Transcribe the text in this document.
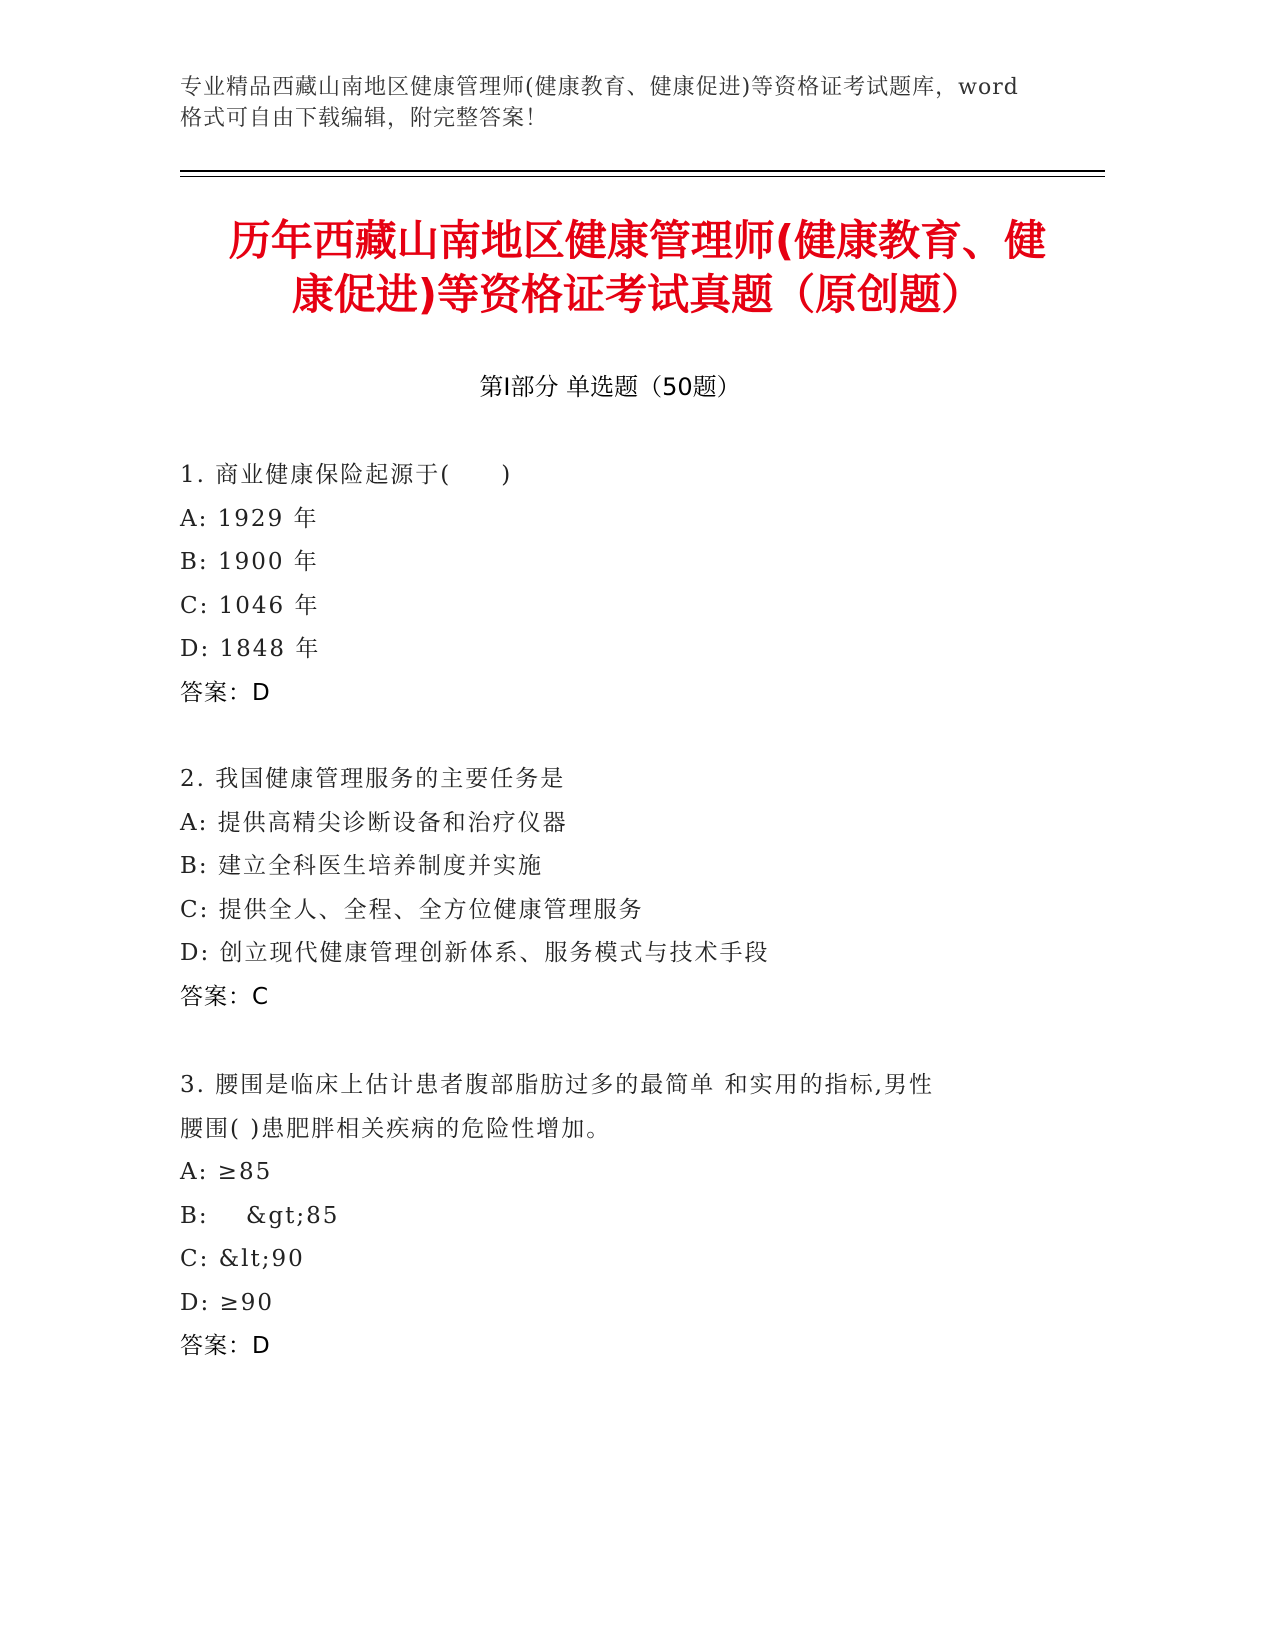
专业精品西藏山南地区健康管理师(健康教育、健康促进)等资格证考试题库，word
格式可自由下载编辑，附完整答案！
历年西藏山南地区健康管理师(健康教育、健
康促进)等资格证考试真题（原创题）
第Ⅰ部分 单选题（50题）
1. 商业健康保险起源于(　　)
A: 1929 年
B: 1900 年
C: 1046 年
D: 1848 年
答案：D
2. 我国健康管理服务的主要任务是
A: 提供高精尖诊断设备和治疗仪器
B: 建立全科医生培养制度并实施
C: 提供全人、全程、全方位健康管理服务
D: 创立现代健康管理创新体系、服务模式与技术手段
答案：C
3. 腰围是临床上估计患者腹部脂肪过多的最简单 和实用的指标,男性
腰围( )患肥胖相关疾病的危险性增加。
A: ≥85
B:    &gt;85
C: &lt;90
D: ≥90
答案：D
